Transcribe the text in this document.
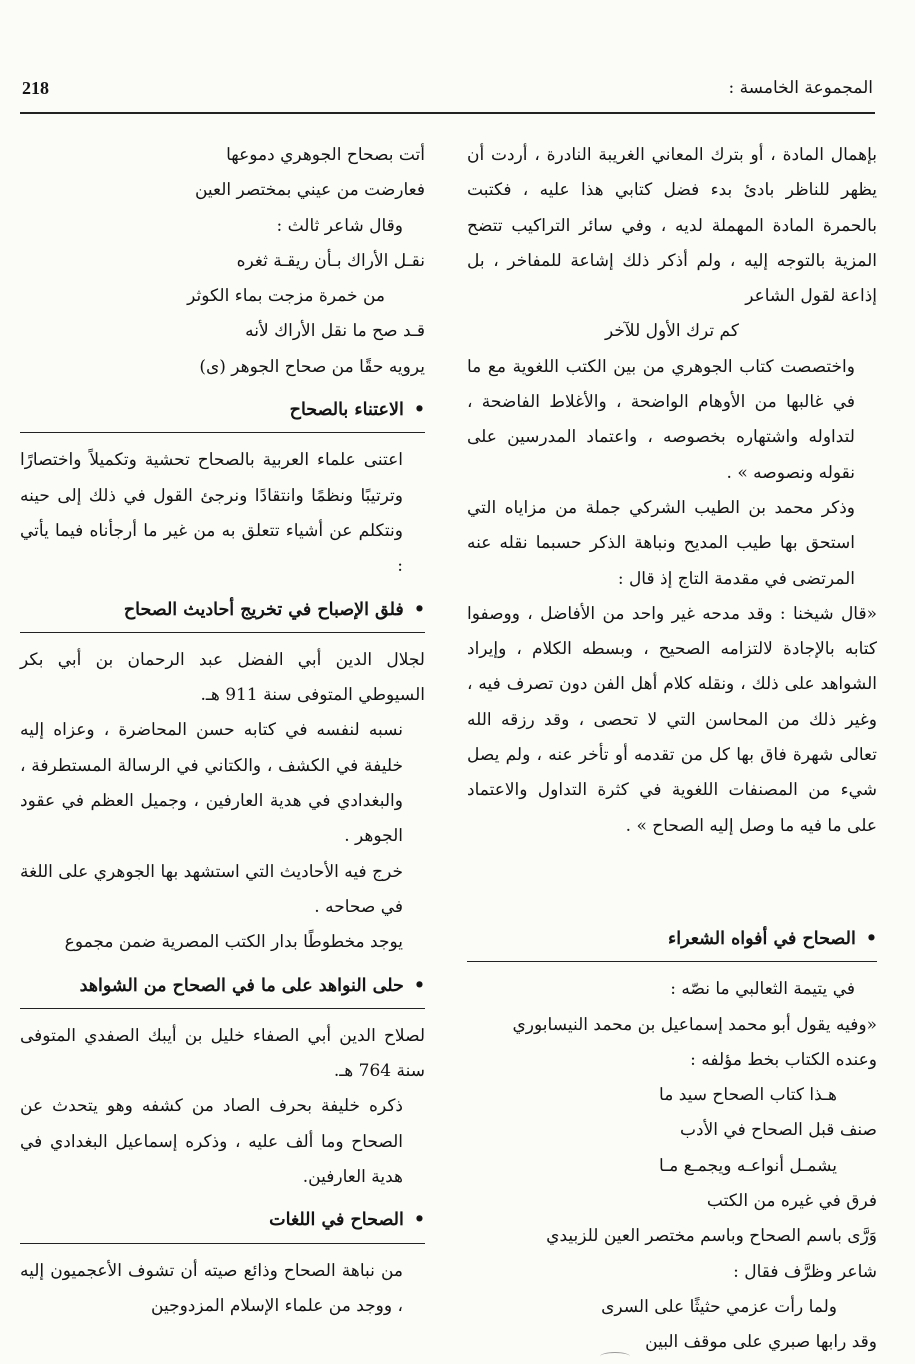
218	المجموعة الخامسة :

بإهمال المادة ، أو بترك المعاني الغريبة النادرة ، أردت أن يظهر للناظر بادئ بدء فضل كتابي هذا عليه ، فكتبت بالحمرة المادة المهملة لديه ، وفي سائر التراكيب تتضح المزية بالتوجه إليه ، ولم أذكر ذلك إشاعة للمفاخر ، بل إذاعة لقول الشاعر

كم ترك الأول للآخر

واختصصت كتاب الجوهري من بين الكتب اللغوية مع ما في غالبها من الأوهام الواضحة ، والأغلاط الفاضحة ، لتداوله واشتهاره بخصوصه ، واعتماد المدرسين على نقوله ونصوصه » .

وذكر محمد بن الطيب الشركي جملة من مزاياه التي استحق بها طيب المديح ونباهة الذكر حسبما نقله عنه المرتضى في مقدمة التاج إذ قال :

«قال شيخنا : وقد مدحه غير واحد من الأفاضل ، ووصفوا كتابه بالإجادة لالتزامه الصحيح ، وبسطه الكلام ، وإيراد الشواهد على ذلك ، ونقله كلام أهل الفن دون تصرف فيه ، وغير ذلك من المحاسن التي لا تحصى ، وقد رزقه الله تعالى شهرة فاق بها كل من تقدمه أو تأخر عنه ، ولم يصل شيء من المصنفات اللغوية في كثرة التداول والاعتماد على ما فيه ما وصل إليه الصحاح » .

•الصحاح في أفواه الشعراء

في يتيمة الثعالبي ما نصّه :

«وفيه يقول أبو محمد إسماعيل بن محمد النيسابوري

وعنده الكتاب بخط مؤلفه :

هـذا كتاب الصحاح سيد ما
صنف قبل الصحاح في الأدب
يشمـل أنواعـه ويجمـع مـا
فرق في غيره من الكتب

وَرَّى باسم الصحاح وباسم مختصر العين للزبيدي

شاعر وظرَّف فقال :

ولما رأت عزمي حثيثًا على السرى
وقد رابها صبري على موقف البين
أتت بصحاح الجوهري دموعها
فعارضت من عيني بمختصر العين

وقال شاعر ثالث :

نقـل الأراك بـأن ريقـة ثغره
من خمرة مزجت بماء الكوثر
قـد صح ما نقل الأراك لأنه
يرويه حقًا من صحاح الجوهر (ى)
•الاعتناء بالصحاح

اعتنى علماء العربية بالصحاح تحشية وتكميلاً واختصارًا وترتيبًا ونظمًا وانتقادًا ونرجئ القول في ذلك إلى حينه ونتكلم عن أشياء تتعلق به من غير ما أرجأناه فيما يأتي :

•فلق الإصباح في تخريج أحاديث الصحاح

لجلال الدين أبي الفضل عبد الرحمان بن أبي بكر السيوطي المتوفى سنة 911 هـ.

نسبه لنفسه في كتابه حسن المحاضرة ، وعزاه إليه خليفة في الكشف ، والكتاني في الرسالة المستطرفة ، والبغدادي في هدية العارفين ، وجميل العظم في عقود الجوهر .

خرج فيه الأحاديث التي استشهد بها الجوهري على اللغة في صحاحه .

يوجد مخطوطًا بدار الكتب المصرية ضمن مجموع

•حلى النواهد على ما في الصحاح من الشواهد

لصلاح الدين أبي الصفاء خليل بن أيبك الصفدي المتوفى سنة 764 هـ.

ذكره خليفة بحرف الصاد من كشفه وهو يتحدث عن الصحاح وما ألف عليه ، وذكره إسماعيل البغدادي في هدية العارفين.

•الصحاح في اللغات

من نباهة الصحاح وذائع صيته أن تشوف الأعجميون إليه ، ووجد من علماء الإسلام المزدوجين
